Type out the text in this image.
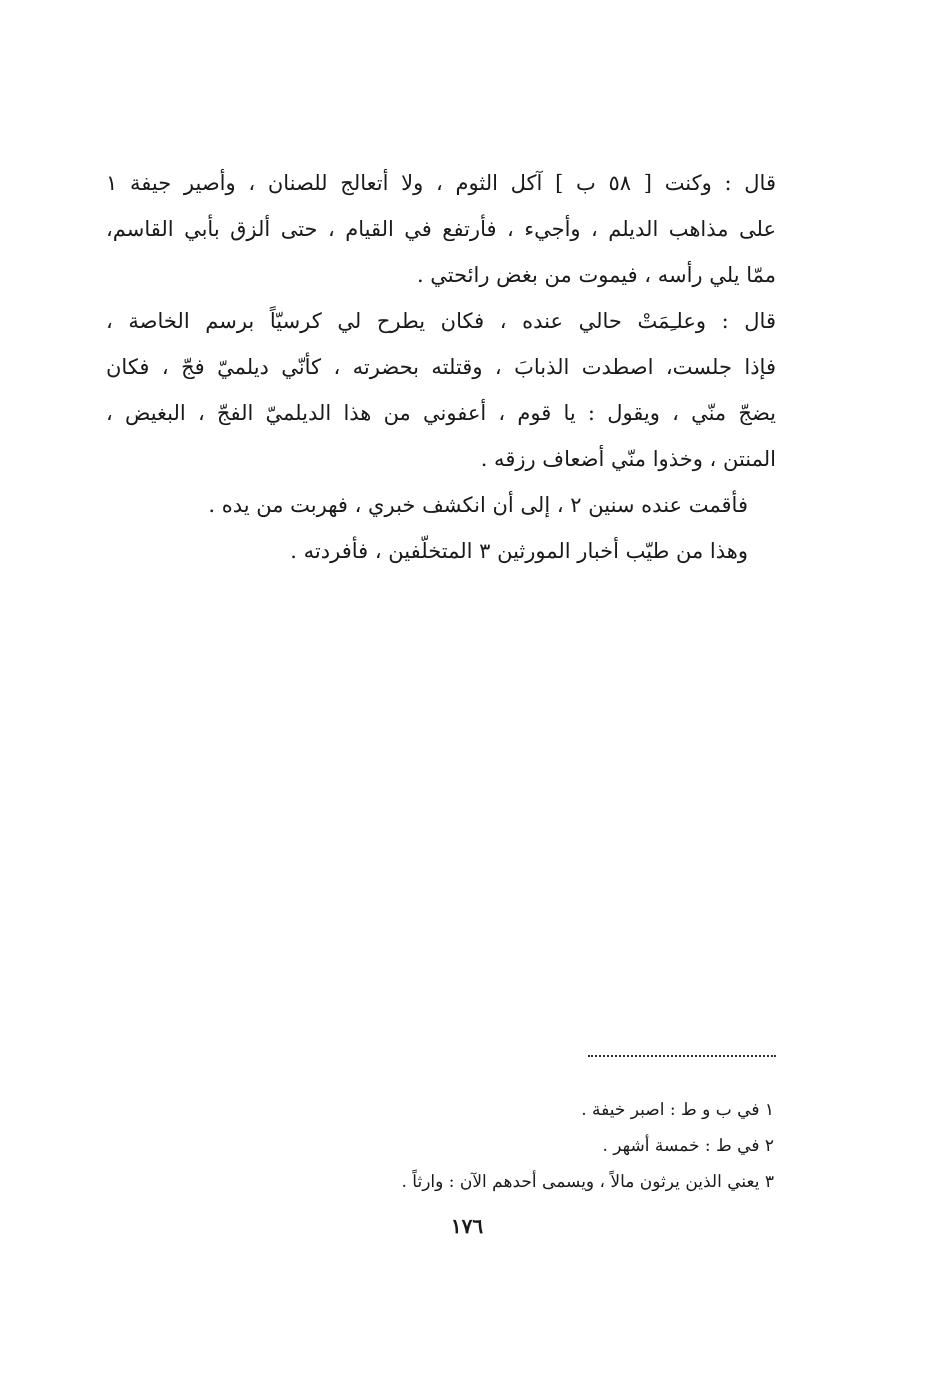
قال : وكنت [ ٥٨ ب ] آكل الثوم ، ولا أتعالج للصنان ، وأصير جيفة ١
على مذاهب الديلم ، وأجيء ، فأرتفع في القيام ، حتى ألزق بأبي القاسم،
ممّا يلي رأسه ، فيموت من بغض رائحتي .
قال : وعلـِمَتْ حالي عنده ، فكان يطرح لي كرسيّاً برسم الخاصة ،
فإذا جلست، اصطدت الذبابَ ، وقتلته بحضرته ، كأنّي ديلميّ فجّ ، فكان
يضجّ منّي ، ويقول : يا قوم ، أعفوني من هذا الديلميّ الفجّ ، البغيض ،
المنتن ، وخذوا منّي أضعاف رزقه .
فأقمت عنده سنين ٢ ، إلى أن انكشف خبري ، فهربت من يده .
وهذا من طيّب أخبار المورثين ٣ المتخلّفين ، فأفردته .
١ في ب و ط : اصبر خيفة .
٢ في ط : خمسة أشهر .
٣ يعني الذين يرثون مالاً ، ويسمى أحدهم الآن : وارثاً .
١٧٦
